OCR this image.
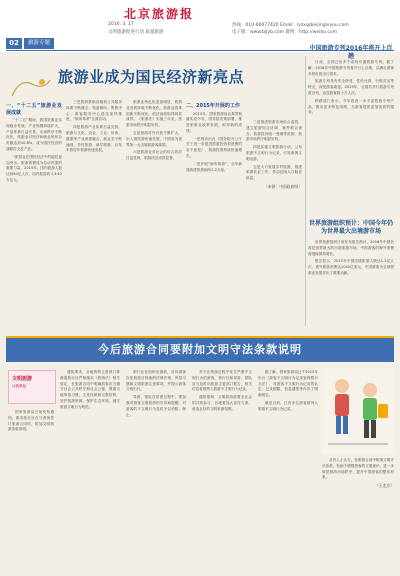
北京旅游报
2016. 3. 17
文明旅游促进行动 质量旅游
热线：010-66077420 Email：lyzx@beijinglvyou.com
电子版：www.bjlyb.com 微博：http://weibo.com
02	旅游专题
旅游业成为国民经济新亮点
一、“十二五”旅游业发展成就

“十二五”期间，我国旅游业实现稳步发展，产业规模持续扩大，产品体系日益完善，市场秩序不断优化，旅游业对经济和就业的综合贡献达到10.8%，成为国民经济的战略性支柱产业。

“旅游业在国民经济中的地位更加突出，旅游消费成为拉动内需的重要力量。2015年，国内旅游人数达到40亿人次，国内旅游收入3.42万亿元。

三是旅游基础设施和公共服务体系不断健全，旅游厕所、集散中心、游客服务中心建设加快推进，“厕所革命”全面启动。

四是旅游产业体系日益完善，旅游与文化、农业、工业、体育、健康等产业深度融合，新业态不断涌现，乡村旅游、研学旅游、自驾车旅居车旅游快速发展。

旅游业特色化更加明显，旅游业发展环境不断优化，旅游业改革创新不断深化，依法治旅取得明显成效。《旅游法》实施三年来，旅游市场秩序明显好转。

五是旅游对外开放不断扩大，出入境旅游快速发展，中国成为世界第一大出境旅游客源国。

六是旅游业对社会的综合效应日益显现，旅游扶贫成效显著。

二、2015年开展的工作

2015年，国家旅游局认真贯彻落实党中央、国务院决策部署，推进旅游业改革发展，取得新的成绩。

一是推动出台《国务院办公厅关于进一步促进旅游投资和消费的若干意见》，旅游投资持续快速增长。

二是开展“厕所革命”，全年新建改建旅游厕所2.2万座。

三是推进旅游市场综合监管，建立旅游综合协调、案件联合查办、旅游投诉统一受理等机制，旅游市场秩序明显好转。

四是实施文明旅游行动，公布旅游不文明行为记录，引导游客文明出游。

五是大力发展乡村旅游，推进旅游扶贫工作，带动贫困人口脱贫致富。

（来源：中国政府网）
中国旅游专列2016年将开上百趟

日前，全国已有多个省份开通旅游专列。据了解，2016年中国旅游专列将开行上百趟，以满足游客多样化的出行需求。

旅游专列具有安全舒适、性价比高、行程灵活等特点，深受游客欢迎。2015年，全国共开行旅游专列数百列，运送游客数十万人次。

铁路部门表示，今年将进一步丰富旅游专列产品，推出更多特色线路，为游客提供更加优质的服务。

世界旅游组织预计：中国今年仍为世界最大出境游市场

世界旅游组织日前发布报告预计，2016年中国仍将是世界最大的出境旅游市场，中国游客的海外消费将继续保持增长。

报告显示，2015年中国出境旅游人数达1.2亿人次，境外旅游消费达1045亿美元，中国游客为全球旅游业发展作出了重要贡献。

今后旅游合同要附加文明守法条款说明
文明旅游
从我做起

国家旅游局日前发布通知，要求旅行社在与游客签订旅游合同时，附加文明旅游条款说明。

通知要求，各地旅游主管部门要督促旅行社严格落实《旅游法》相关规定，在旅游合同中明确游客应当遵守社会公共秩序和社会公德，尊重当地风俗习惯、文化传统和宗教信仰，爱护旅游资源，保护生态环境，遵守旅游文明行为规范。

旅行社在组织出游前，应向游客告知旅游目的地的法律法规、风俗习惯和文明旅游注意事项，并提示游客文明出行。

导游、领队在带团过程中，要加强对游客文明旅游的引导和提醒，对游客的不文明行为及时予以劝阻、制止。

对于在旅游过程中发生严重不文明行为的游客，旅行社和导游、领队应当及时向旅游主管部门报告，相关信息将被纳入旅游不文明行为记录。

通知强调，文明旅游需要全社会的共同参与，各地要加大宣传力度，营造良好的文明旅游氛围。

据了解，国家旅游局已于2015年出台《游客不文明行为记录管理暂行办法》，对游客不文明行为记录的认定、记录期限、信息通报等作出了明确规定。

截至目前，已有多名游客被列入旅游不文明行为记录。

业内人士认为，在旅游合同中附加文明守法条款，有助于增强游客的文明意识，进一步规范旅游市场秩序，提升中国游客的整体形象。

（王北京）
